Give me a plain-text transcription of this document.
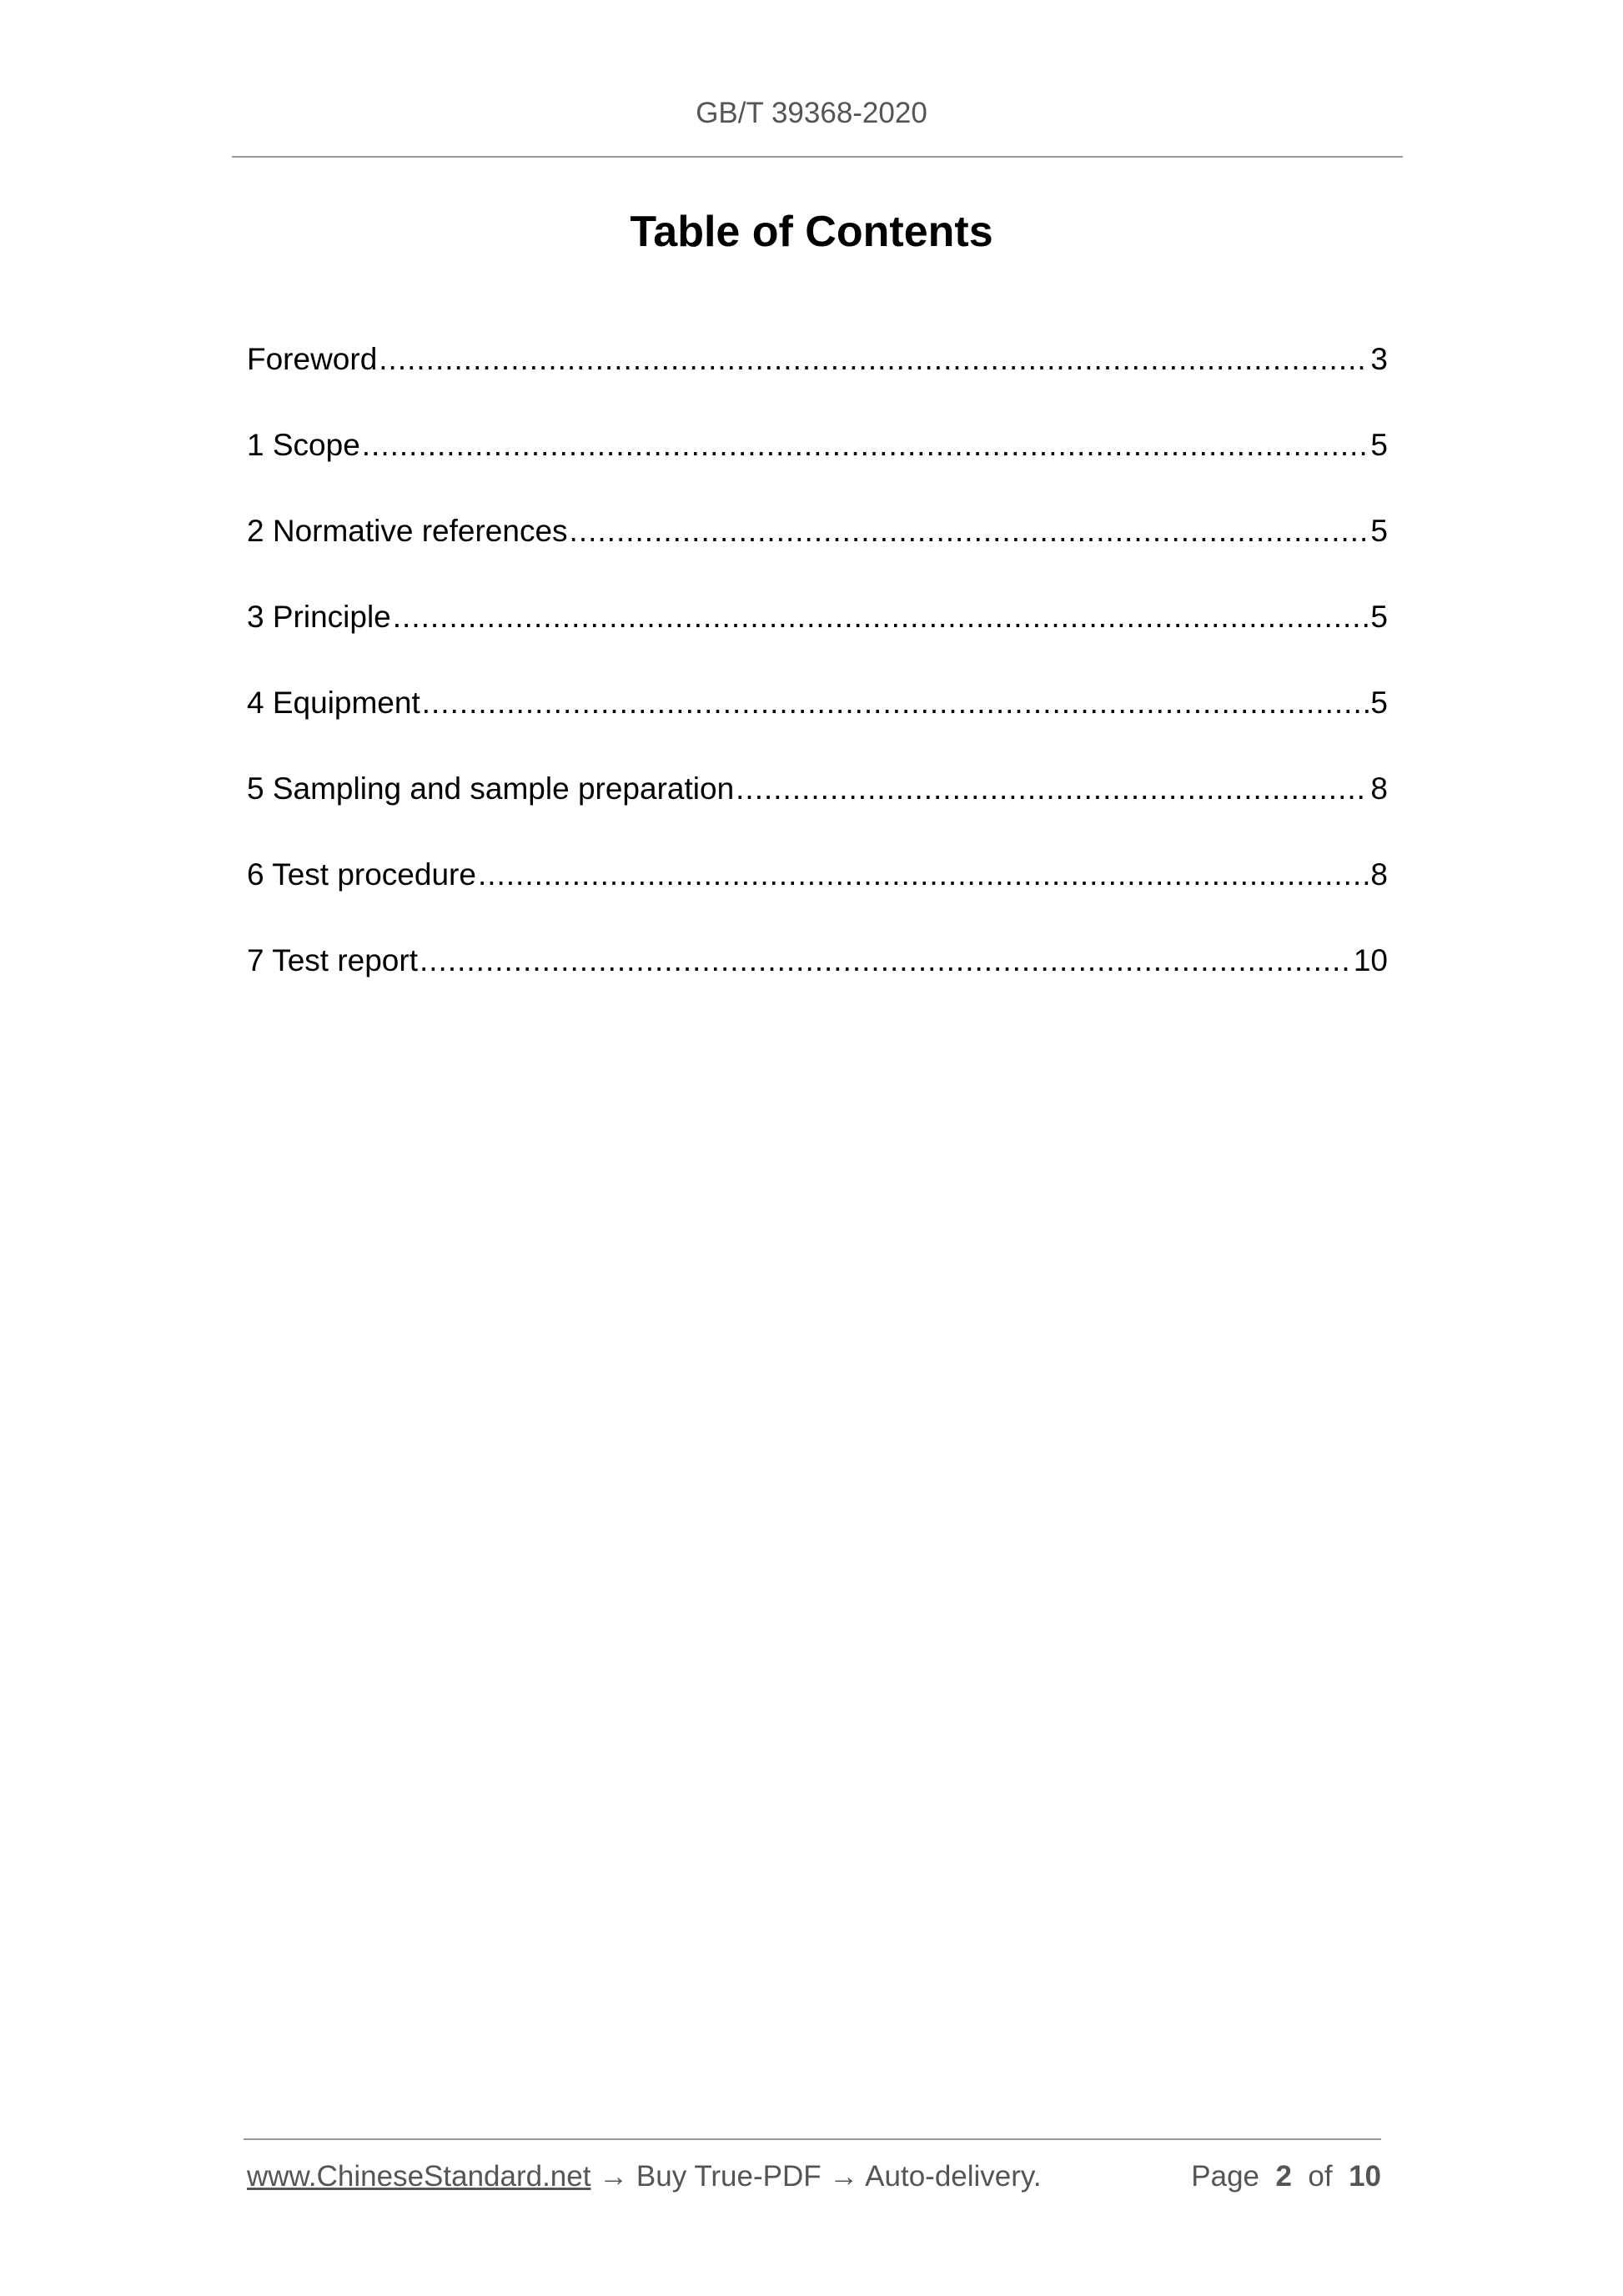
GB/T 39368-2020
Table of Contents
Foreword .....	3
1 Scope .....	5
2 Normative references .....	5
3 Principle .....	5
4 Equipment .....	5
5 Sampling and sample preparation .....	8
6 Test procedure .....	8
7 Test report .....	10
www.ChineseStandard.net → Buy True-PDF → Auto-delivery.	Page 2 of 10
